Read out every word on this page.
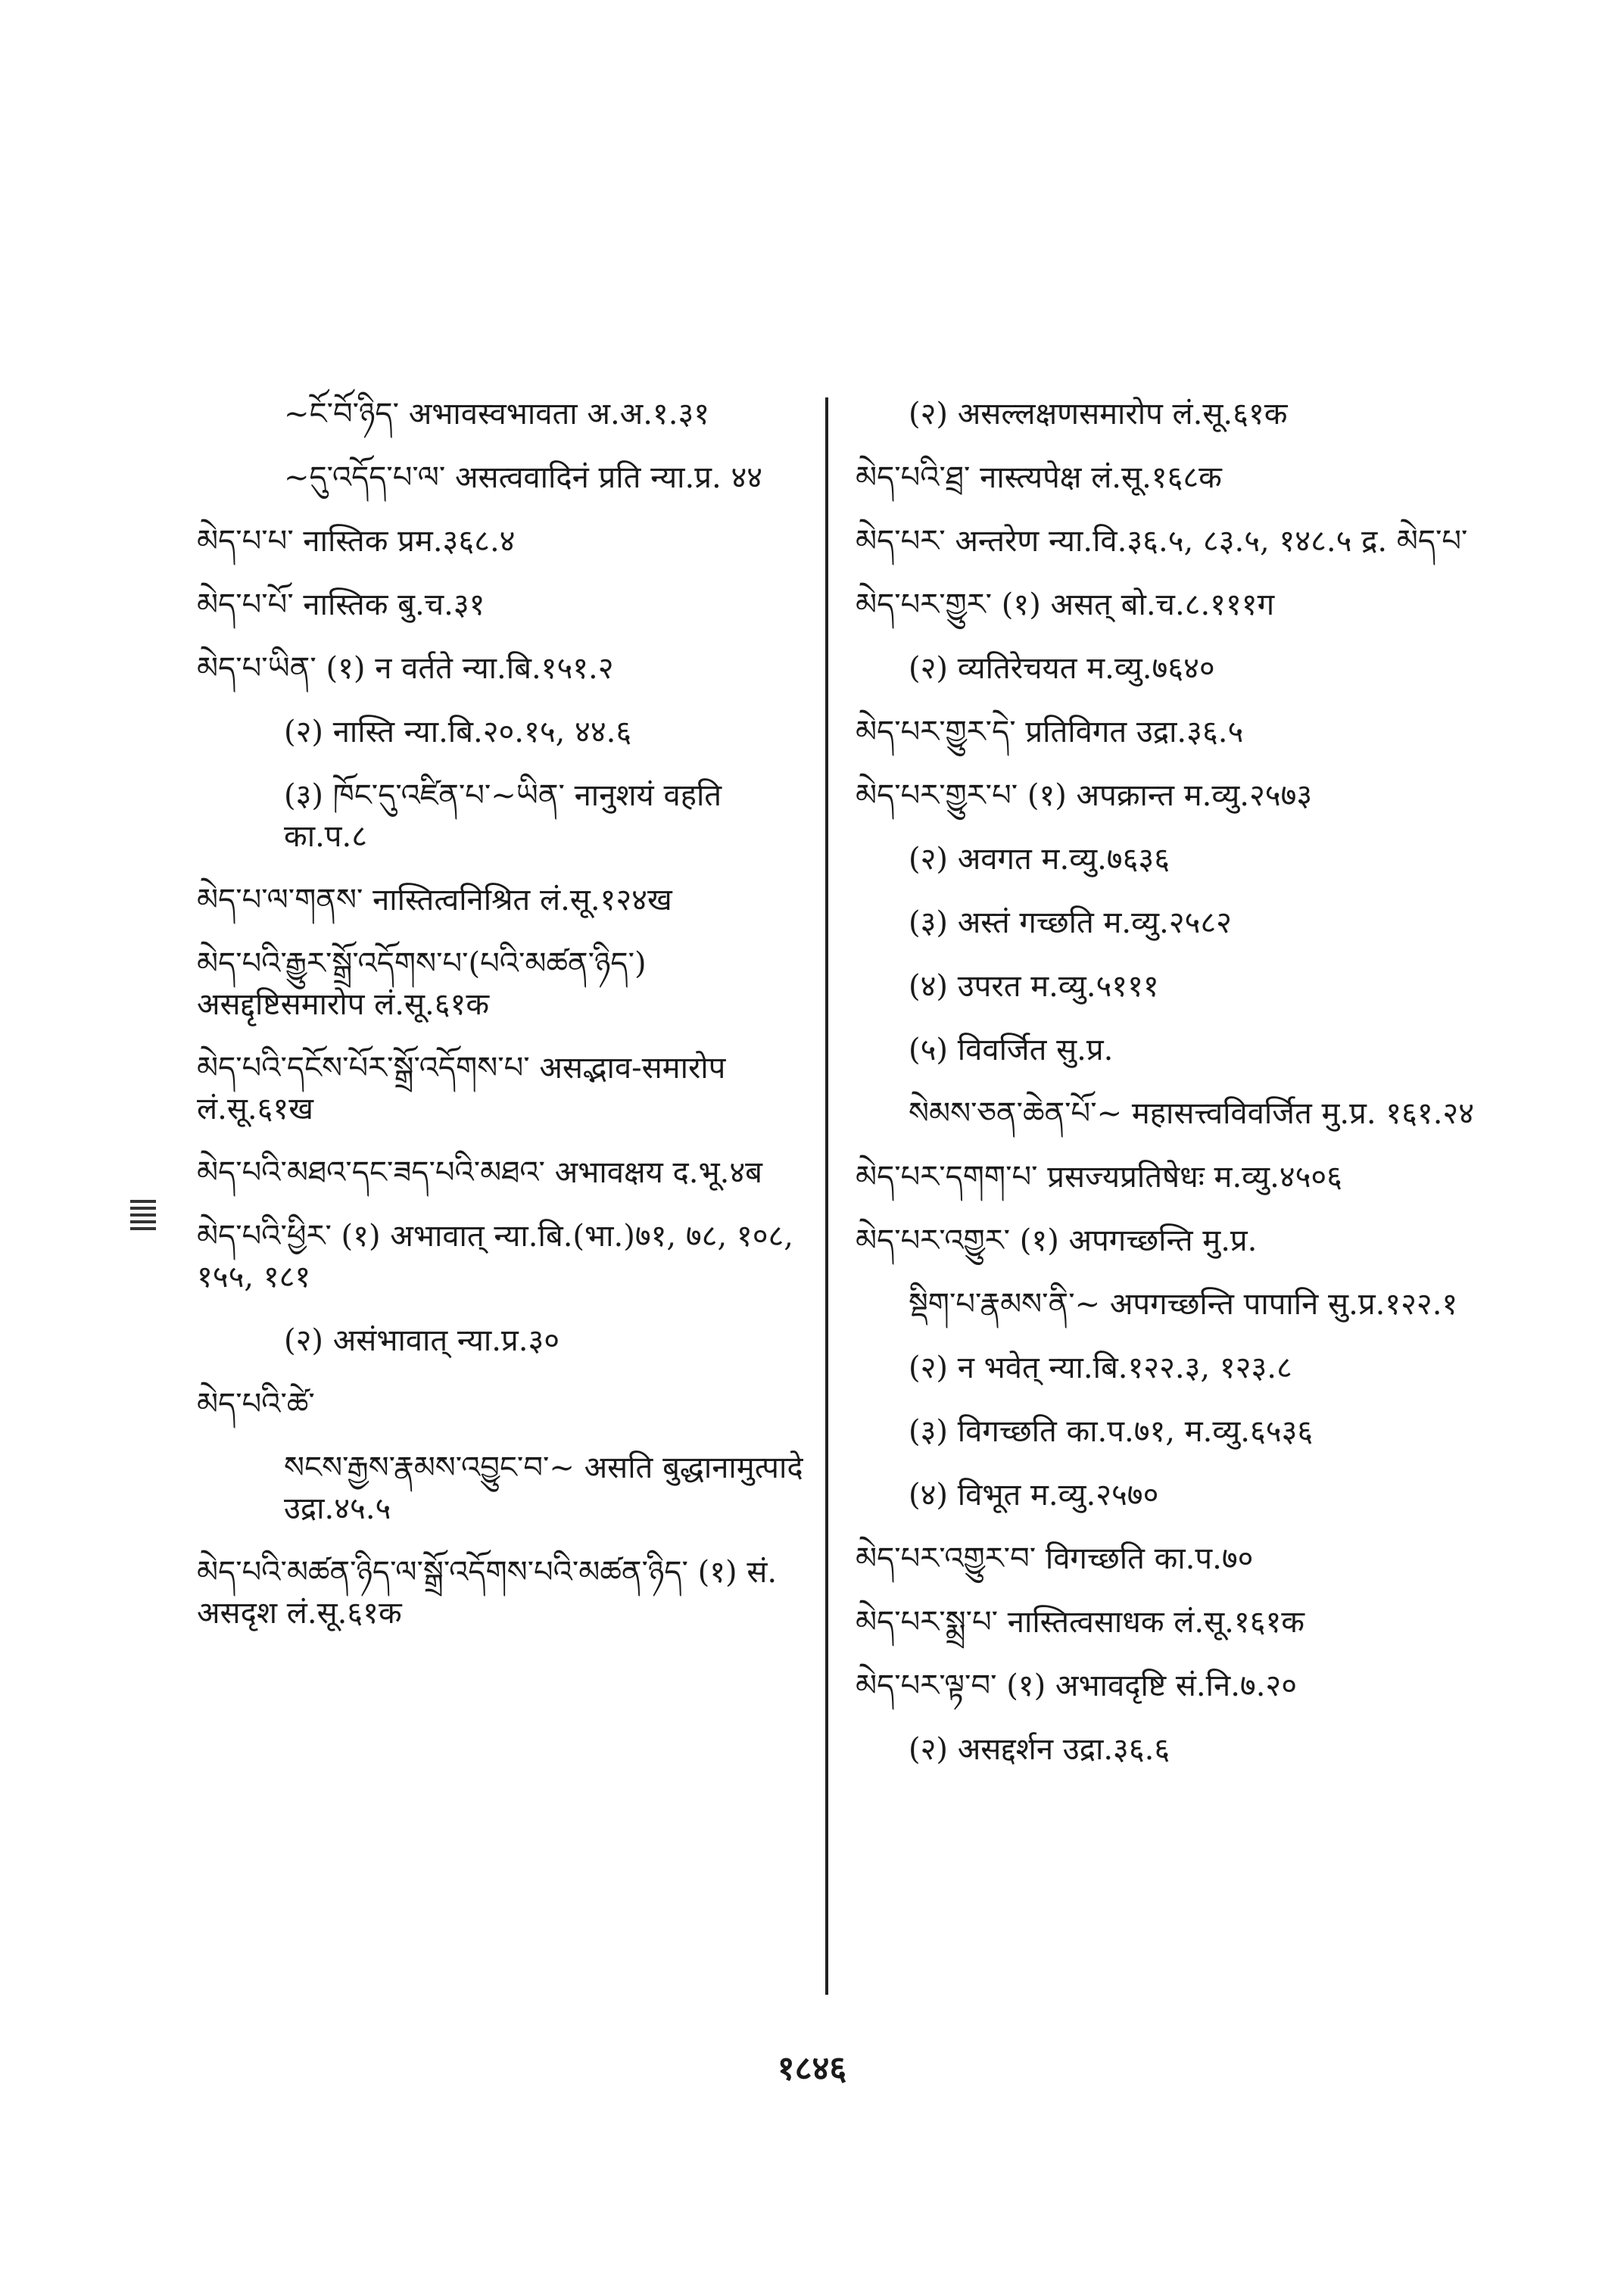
~ངོ་བོ་ཉིད་ अभावस्वभावता अ.अ.१.३१
~དུ་འདོད་པ་ལ་ असत्ववादिनं प्रति न्या.प्र. ४४
མེད་པ་པ་ नास्तिक प्रम.३६८.४
མེད་པ་པོ་ नास्तिक बु.च.३१
མེད་པ་ཡིན་ (१) न वर्तते न्या.बि.१५१.२
(२) नास्ति न्या.बि.२०.१५, ४४.६
(३) ཁོང་དུ་འཛིན་པ་~ཡིན་ नानुशयं वहति का.प.८
མེད་པ་ལ་གནས་ नास्तित्वनिश्रित लं.सू.१२४ख
མེད་པའི་རྒྱུར་སྒྲོ་འདོགས་པ་(པའི་མཚན་ཉིད་) असद्दृष्टिसमारोप लं.सू.६१क
མེད་པའི་དངོས་པོར་སྒྲོ་འདོགས་པ་ असद्भाव-समारोप लं.सू.६१ख
མེད་པའི་མཐའ་དང་ཟད་པའི་མཐའ་ अभावक्षय द.भू.४ब
མེད་པའི་ཕྱིར་ (१) अभावात् न्या.बि.(भा.)७१, ७८, १०८, १५५, १८१
(२) असंभावात् न्या.प्र.३०
མེད་པའི་ཚེ་
སངས་རྒྱས་རྣམས་འབྱུང་བ་~ असति बुद्धानामुत्पादे उद्रा.४५.५
མེད་པའི་མཚན་ཉིད་ལ་སྒྲོ་འདོགས་པའི་མཚན་ཉིད་ (१) सं. असदृश लं.सू.६१क
(२) असल्लक्षणसमारोप लं.सू.६१क
མེད་པའི་ཐྲ་ नास्त्यपेक्ष लं.सू.१६८क
མེད་པར་ अन्तरेण न्या.वि.३६.५, ८३.५, १४८.५ द्र. མེད་པ་
མེད་པར་གྱུར་ (१) असत् बो.च.८.१११ग
(२) व्यतिरेचयत म.व्यु.७६४०
མེད་པར་གྱུར་དེ་ प्रतिविगत उद्रा.३६.५
མེད་པར་གྱུར་པ་ (१) अपक्रान्त म.व्यु.२५७३
(२) अवगत म.व्यु.७६३६
(३) अस्तं गच्छति म.व्यु.२५८२
(४) उपरत म.व्यु.५१११
(५) विवर्जित सु.प्र.
སེམས་ཅན་ཆེན་པོ་~ महासत्त्वविवर्जित मु.प्र. १६१.२४
མེད་པར་དགག་པ་ प्रसज्यप्रतिषेधः म.व्यु.४५०६
མེད་པར་འགྱུར་ (१) अपगच्छन्ति मु.प्र.
སྡིག་པ་རྣམས་ནི་~ अपगच्छन्ति पापानि सु.प्र.१२२.१
(२) न भवेत् न्या.बि.१२२.३, १२३.८
(३) विगच्छति का.प.७१, म.व्यु.६५३६
(४) विभूत म.व्यु.२५७०
མེད་པར་འགྱུར་བ་ विगच्छति का.प.७०
མེད་པར་སྨྲ་པ་ नास्तित्वसाधक लं.सू.१६१क
མེད་པར་ལྟ་བ་ (१) अभावदृष्टि सं.नि.७.२०
(२) असद्दर्शन उद्रा.३६.६
१८४६
